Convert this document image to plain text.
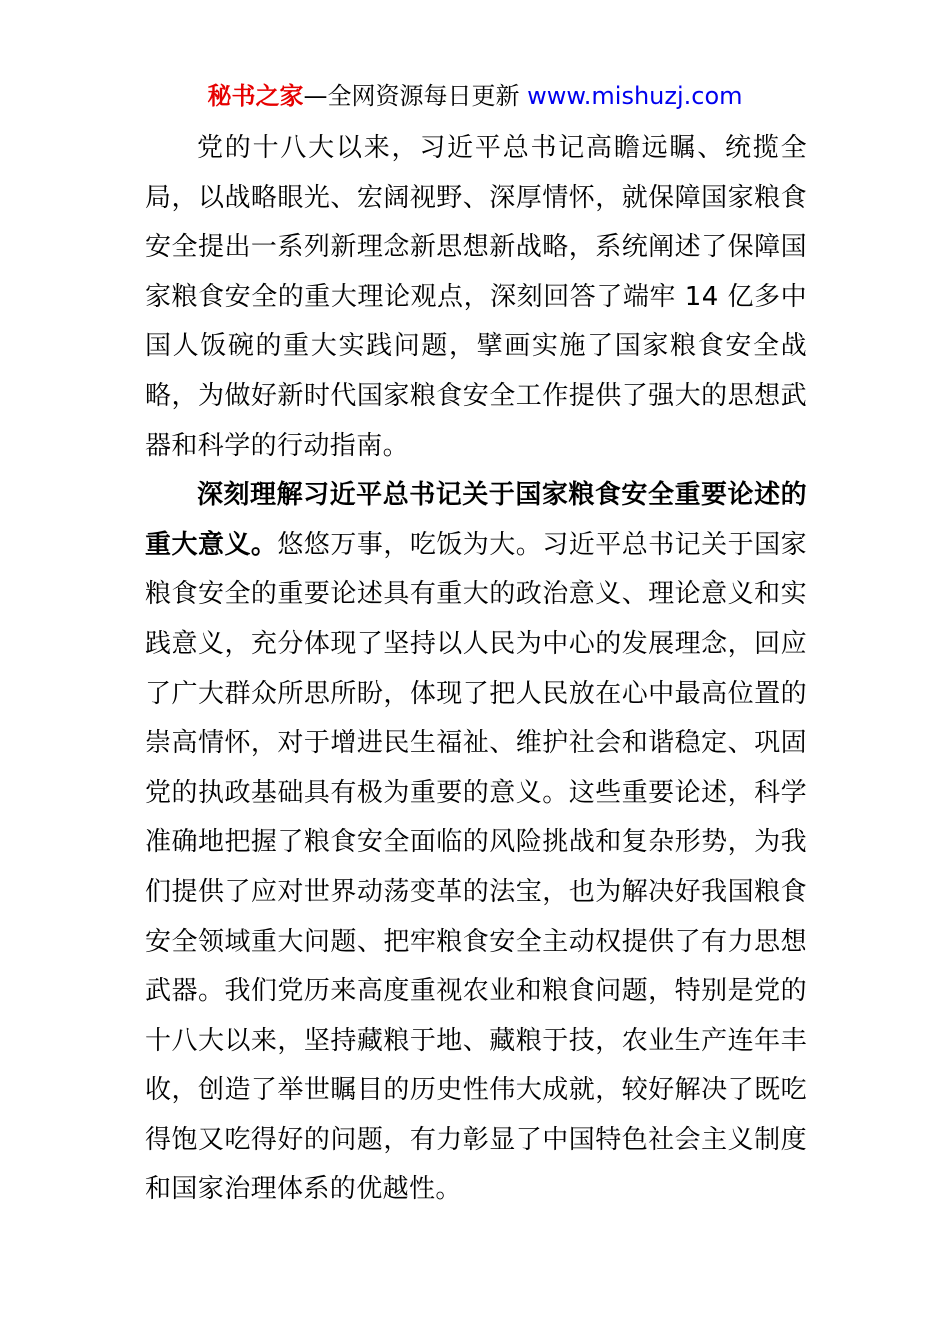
秘书之家—全网资源每日更新 www.mishuzj.com

党的十八大以来，习近平总书记高瞻远瞩、统揽全局，以战略眼光、宏阔视野、深厚情怀，就保障国家粮食安全提出一系列新理念新思想新战略，系统阐述了保障国家粮食安全的重大理论观点，深刻回答了端牢 14 亿多中国人饭碗的重大实践问题，擘画实施了国家粮食安全战略，为做好新时代国家粮食安全工作提供了强大的思想武器和科学的行动指南。

深刻理解习近平总书记关于国家粮食安全重要论述的重大意义。悠悠万事，吃饭为大。习近平总书记关于国家粮食安全的重要论述具有重大的政治意义、理论意义和实践意义，充分体现了坚持以人民为中心的发展理念，回应了广大群众所思所盼，体现了把人民放在心中最高位置的崇高情怀，对于增进民生福祉、维护社会和谐稳定、巩固党的执政基础具有极为重要的意义。这些重要论述，科学准确地把握了粮食安全面临的风险挑战和复杂形势，为我们提供了应对世界动荡变革的法宝，也为解决好我国粮食安全领域重大问题、把牢粮食安全主动权提供了有力思想武器。我们党历来高度重视农业和粮食问题，特别是党的十八大以来，坚持藏粮于地、藏粮于技，农业生产连年丰收，创造了举世瞩目的历史性伟大成就，较好解决了既吃得饱又吃得好的问题，有力彰显了中国特色社会主义制度和国家治理体系的优越性。
